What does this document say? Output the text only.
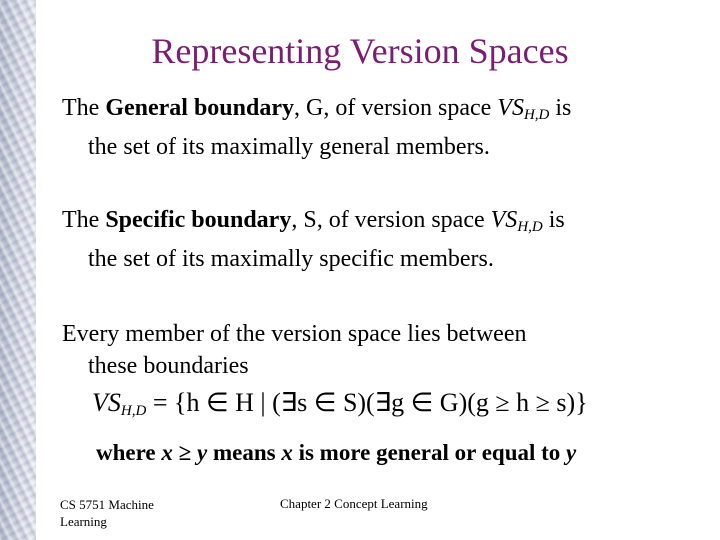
Representing Version Spaces
The General boundary, G, of version space $VS_{H,D}$ is
the set of its maximally general members.
The Specific boundary, S, of version space $VS_{H,D}$ is
the set of its maximally specific members.
Every member of the version space lies between
these boundaries
$VS_{H,D} = \{h$ ∈ H | (∃s ∈ S)(∃g ∈ G)(g ≥ h ≥ s)}
where x ≥ y means x is more general or equal to y
CS 5751 Machine Learning
Chapter 2 Concept Learning
